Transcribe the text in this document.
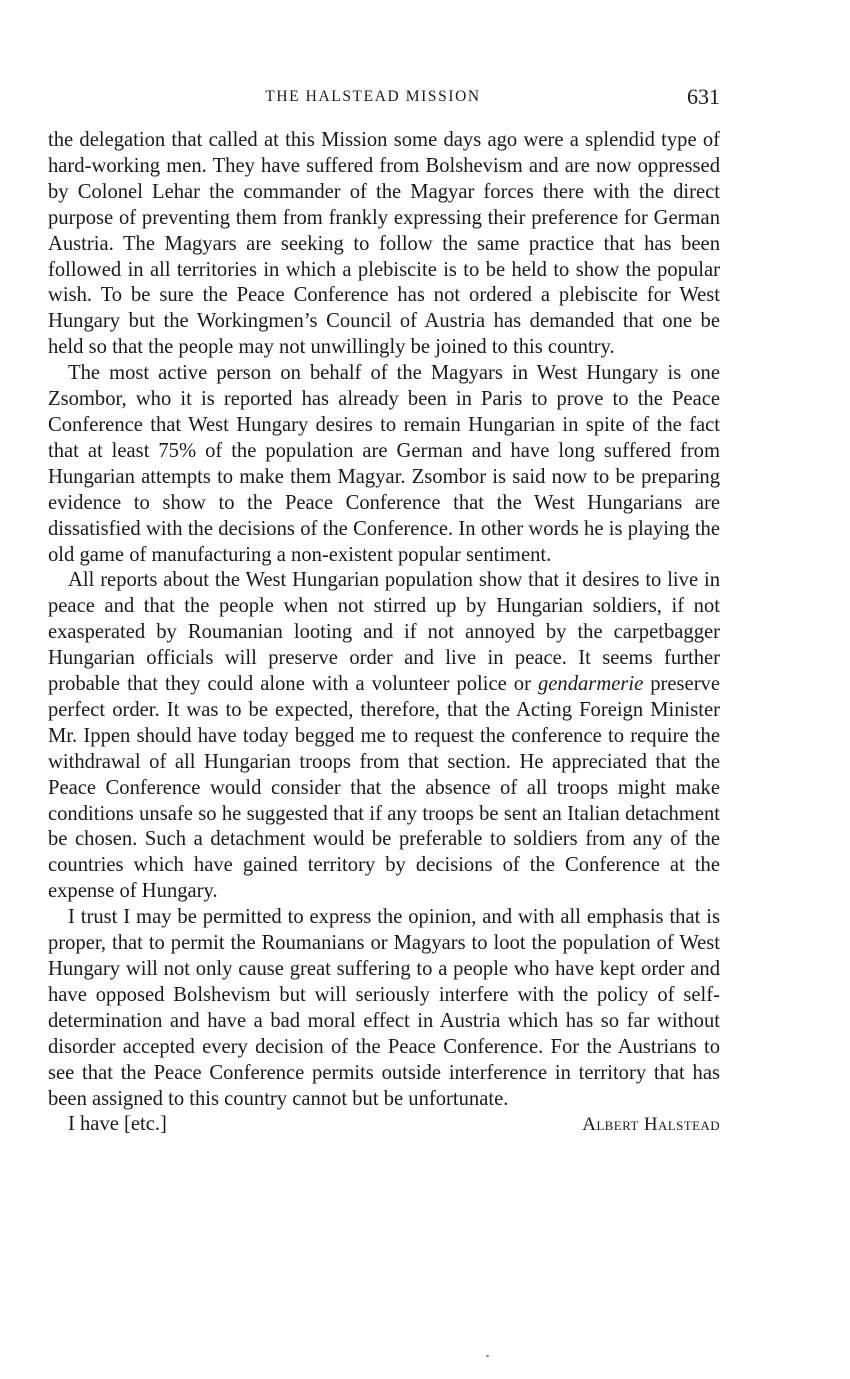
THE HALSTEAD MISSION	631

the delegation that called at this Mission some days ago were a splendid type of hard-working men. They have suffered from Bolshevism and are now oppressed by Colonel Lehar the commander of the Magyar forces there with the direct purpose of preventing them from frankly expressing their preference for German Austria. The Magyars are seeking to follow the same practice that has been followed in all territories in which a plebiscite is to be held to show the popular wish. To be sure the Peace Conference has not ordered a plebiscite for West Hungary but the Workingmen’s Council of Austria has demanded that one be held so that the people may not unwillingly be joined to this country.

The most active person on behalf of the Magyars in West Hungary is one Zsombor, who it is reported has already been in Paris to prove to the Peace Conference that West Hungary desires to remain Hungarian in spite of the fact that at least 75% of the population are German and have long suffered from Hungarian attempts to make them Magyar. Zsombor is said now to be preparing evidence to show to the Peace Conference that the West Hungarians are dissatisfied with the decisions of the Conference. In other words he is playing the old game of manufacturing a non-existent popular sentiment.

All reports about the West Hungarian population show that it desires to live in peace and that the people when not stirred up by Hungarian soldiers, if not exasperated by Roumanian looting and if not annoyed by the carpetbagger Hungarian officials will preserve order and live in peace. It seems further probable that they could alone with a volunteer police or gendarmerie preserve perfect order. It was to be expected, therefore, that the Acting Foreign Minister Mr. Ippen should have today begged me to request the conference to require the withdrawal of all Hungarian troops from that section. He appreciated that the Peace Conference would consider that the absence of all troops might make conditions unsafe so he suggested that if any troops be sent an Italian detachment be chosen. Such a detachment would be preferable to soldiers from any of the countries which have gained territory by decisions of the Conference at the expense of Hungary.

I trust I may be permitted to express the opinion, and with all emphasis that is proper, that to permit the Roumanians or Magyars to loot the population of West Hungary will not only cause great suffering to a people who have kept order and have opposed Bolshevism but will seriously interfere with the policy of self-determination and have a bad moral effect in Austria which has so far without disorder accepted every decision of the Peace Conference. For the Austrians to see that the Peace Conference permits outside interference in territory that has been assigned to this country cannot but be unfortunate.

I have [etc.]	Albert Halstead
